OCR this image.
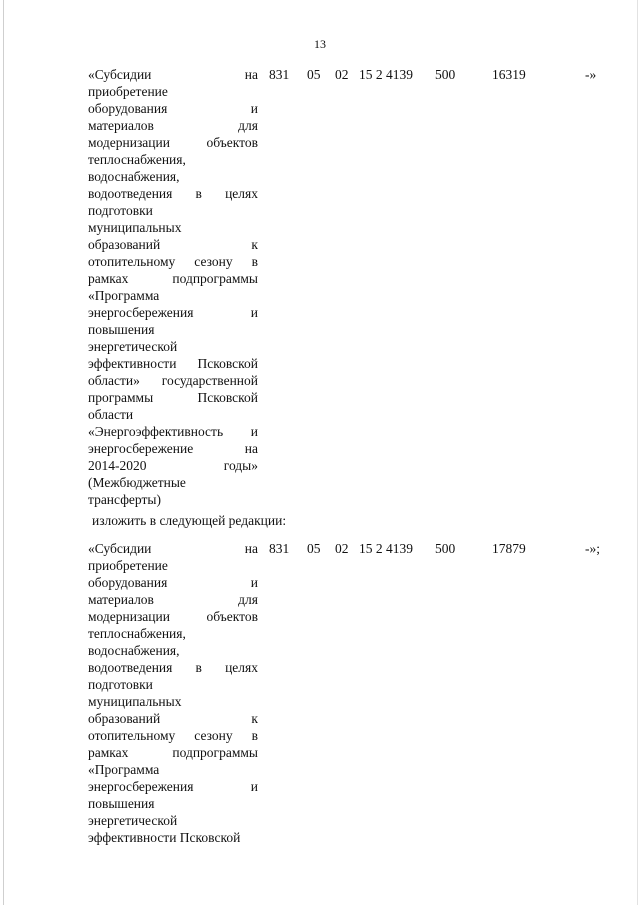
13
«Субсидии на 831 05 02 15 2 4139 500	16319	-»
приобретение
оборудования и
материалов для
модернизации объектов
теплоснабжения,
водоснабжения,
водоотведения в целях
подготовки
муниципальных
образований к
отопительному сезону в
рамках подпрограммы
«Программа
энергосбережения и
повышения
энергетической
эффективности Псковской
области» государственной
программы Псковской
области
«Энергоэффективность и
энергосбережение на
2014-2020 годы»
(Межбюджетные
трансферты)
изложить в следующей редакции:
«Субсидии на 831 05 02 15 2 4139 500	17879	-»;
приобретение
оборудования и
материалов для
модернизации объектов
теплоснабжения,
водоснабжения,
водоотведения в целях
подготовки
муниципальных
образований к
отопительному сезону в
рамках подпрограммы
«Программа
энергосбережения и
повышения
энергетической
эффективности Псковской
